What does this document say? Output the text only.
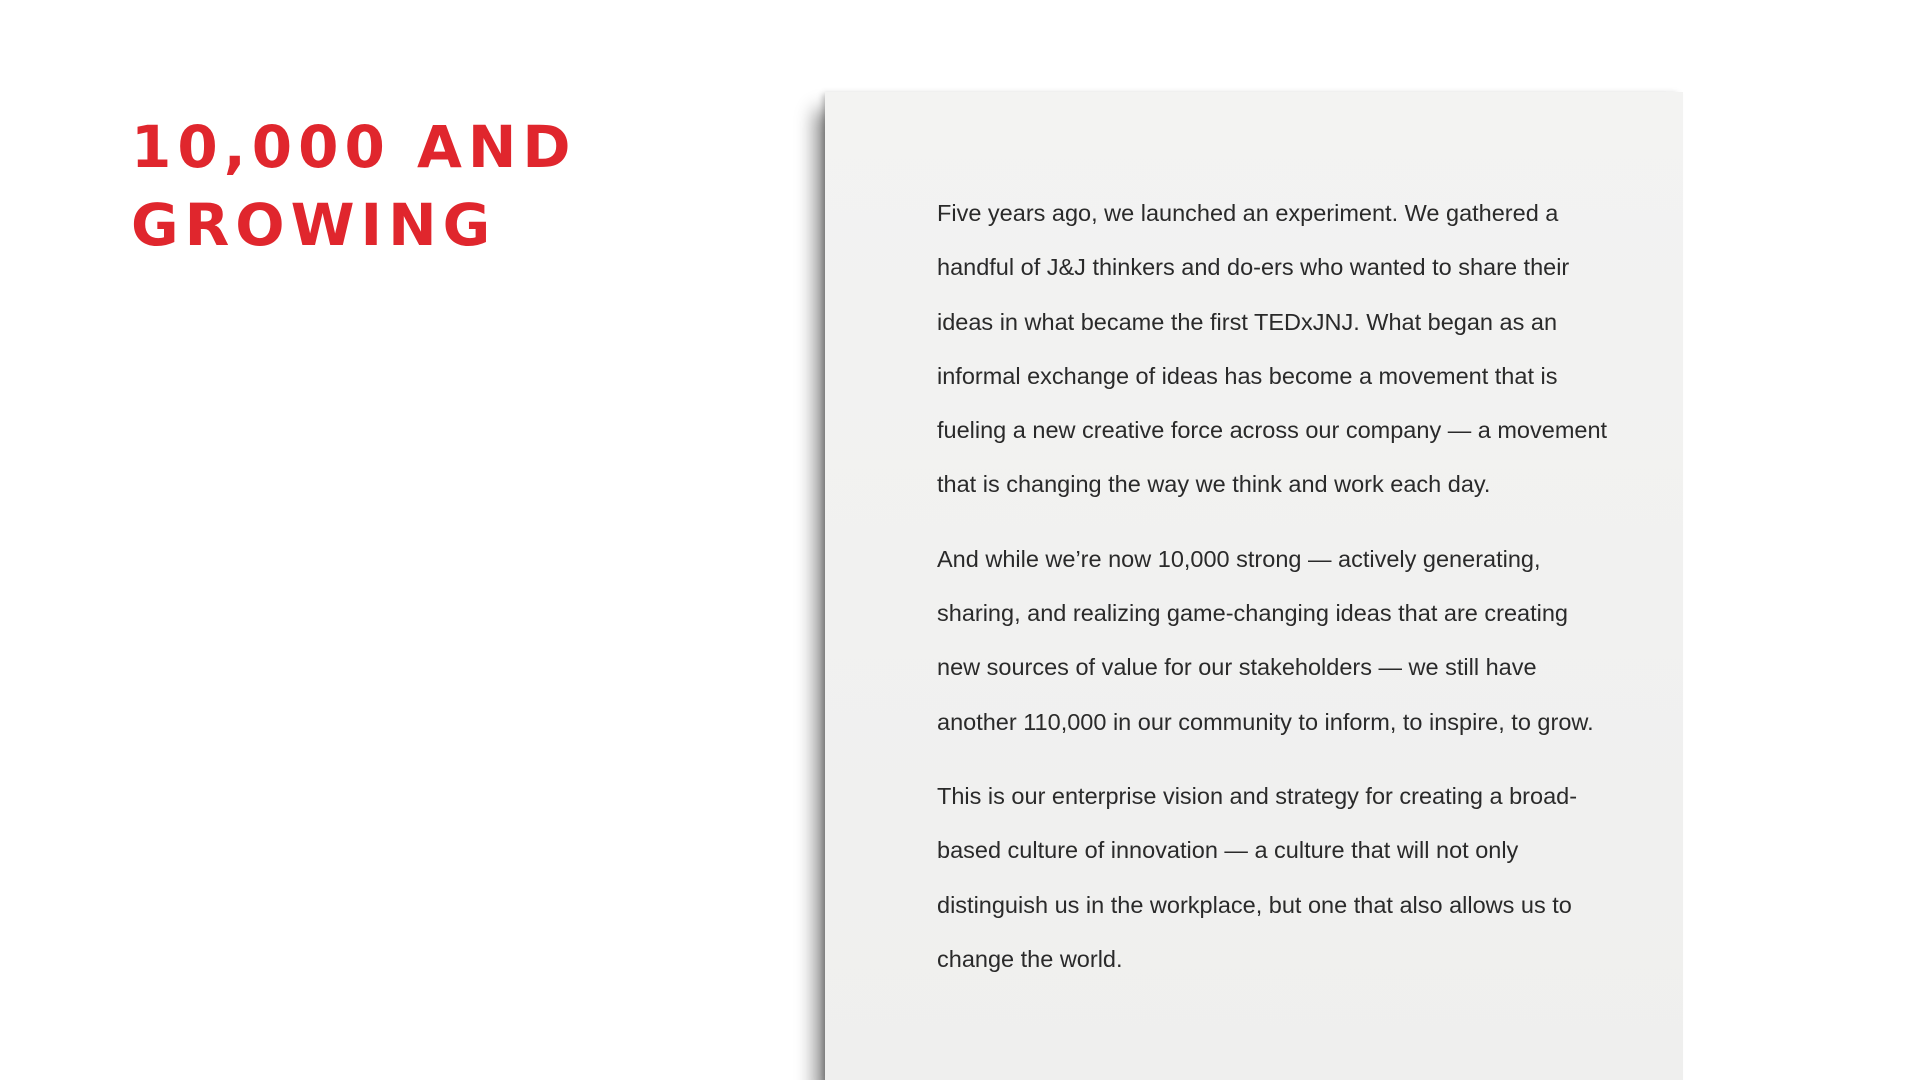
10,000 AND
GROWING	Five years ago, we launched an experiment. We gathered a handful of J&J thinkers and do-ers who wanted to share their ideas in what became the first TEDxJNJ. What began as an informal exchange of ideas has become a movement that is fueling a new creative force across our company — a movement that is changing the way we think and work each day.

And while we’re now 10,000 strong — actively generating, sharing, and realizing game-changing ideas that are creating new sources of value for our stakeholders — we still have another 110,000 in our community to inform, to inspire, to grow.

This is our enterprise vision and strategy for creating a broad-based culture of innovation — a culture that will not only distinguish us in the workplace, but one that also allows us to change the world.
